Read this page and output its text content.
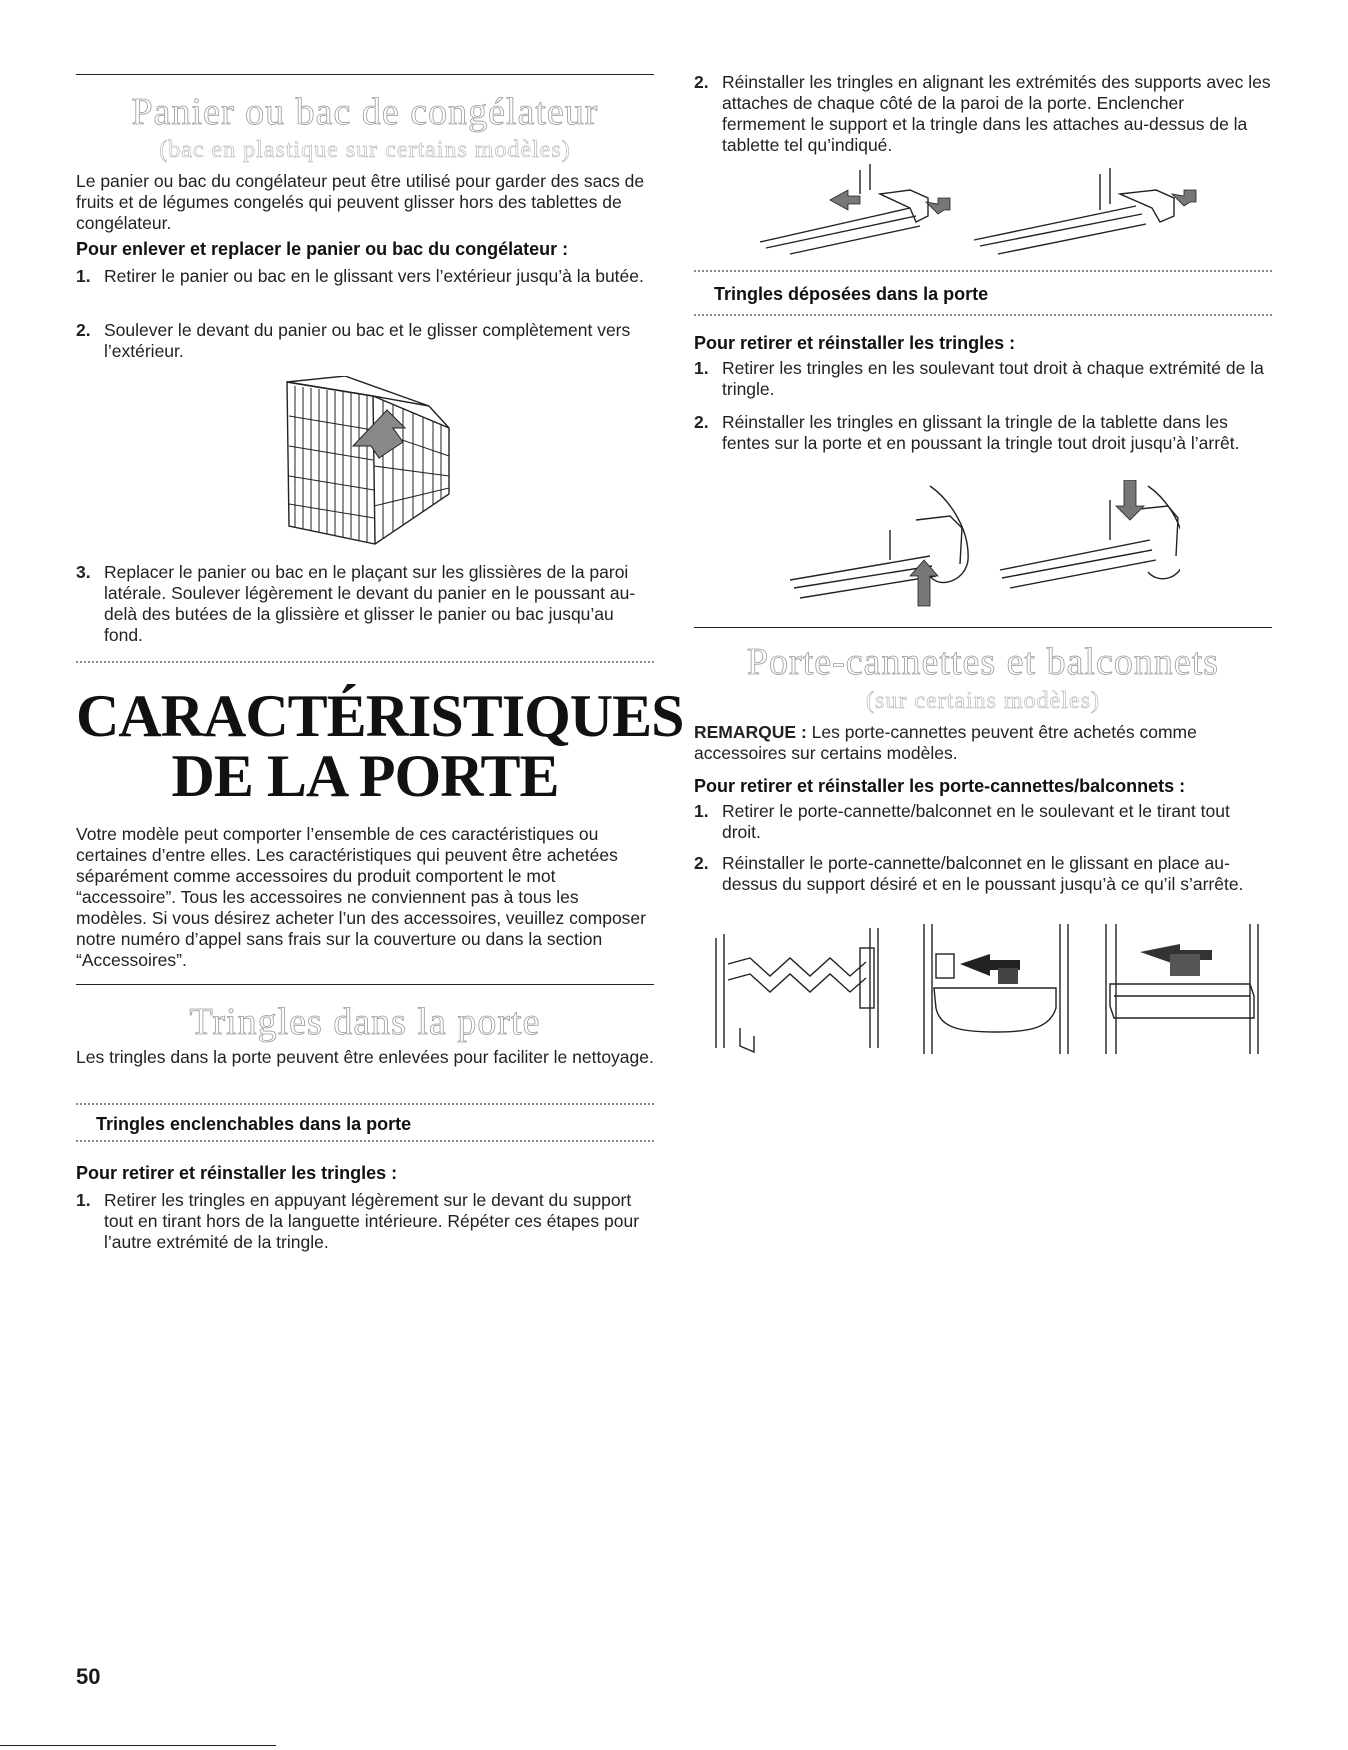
Panier ou bac de congélateur
(bac en plastique sur certains modèles)
Le panier ou bac du congélateur peut être utilisé pour garder des sacs de fruits et de légumes congelés qui peuvent glisser hors des tablettes de congélateur.
Pour enlever et replacer le panier ou bac du congélateur :
1. Retirer le panier ou bac en le glissant vers l’extérieur jusqu’à la butée.
2. Soulever le devant du panier ou bac et le glisser complètement vers l’extérieur.
3. Replacer le panier ou bac en le plaçant sur les glissières de la paroi latérale. Soulever légèrement le devant du panier en le poussant au-delà des butées de la glissière et glisser le panier ou bac jusqu’au fond.
CARACTÉRISTIQUES
DE LA PORTE
Votre modèle peut comporter l’ensemble de ces caractéristiques ou certaines d’entre elles. Les caractéristiques qui peuvent être achetées séparément comme accessoires du produit comportent le mot “accessoire”. Tous les accessoires ne conviennent pas à tous les modèles. Si vous désirez acheter l’un des accessoires, veuillez composer notre numéro d’appel sans frais sur la couverture ou dans la section “Accessoires”.
Tringles dans la porte
Les tringles dans la porte peuvent être enlevées pour faciliter le nettoyage.
Tringles enclenchables dans la porte
Pour retirer et réinstaller les tringles :
1. Retirer les tringles en appuyant légèrement sur le devant du support tout en tirant hors de la languette intérieure. Répéter ces étapes pour l’autre extrémité de la tringle.
50
2. Réinstaller les tringles en alignant les extrémités des supports avec les attaches de chaque côté de la paroi de la porte. Enclencher fermement le support et la tringle dans les attaches au-dessus de la tablette tel qu’indiqué.
Tringles déposées dans la porte
Pour retirer et réinstaller les tringles :
1. Retirer les tringles en les soulevant tout droit à chaque extrémité de la tringle.
2. Réinstaller les tringles en glissant la tringle de la tablette dans les fentes sur la porte et en poussant la tringle tout droit jusqu’à l’arrêt.
Porte-cannettes et balconnets
(sur certains modèles)
REMARQUE : Les porte-cannettes peuvent être achetés comme accessoires sur certains modèles.
Pour retirer et réinstaller les porte-cannettes/balconnets :
1. Retirer le porte-cannette/balconnet en le soulevant et le tirant tout droit.
2. Réinstaller le porte-cannette/balconnet en le glissant en place au-dessus du support désiré et en le poussant jusqu’à ce qu’il s’arrête.
